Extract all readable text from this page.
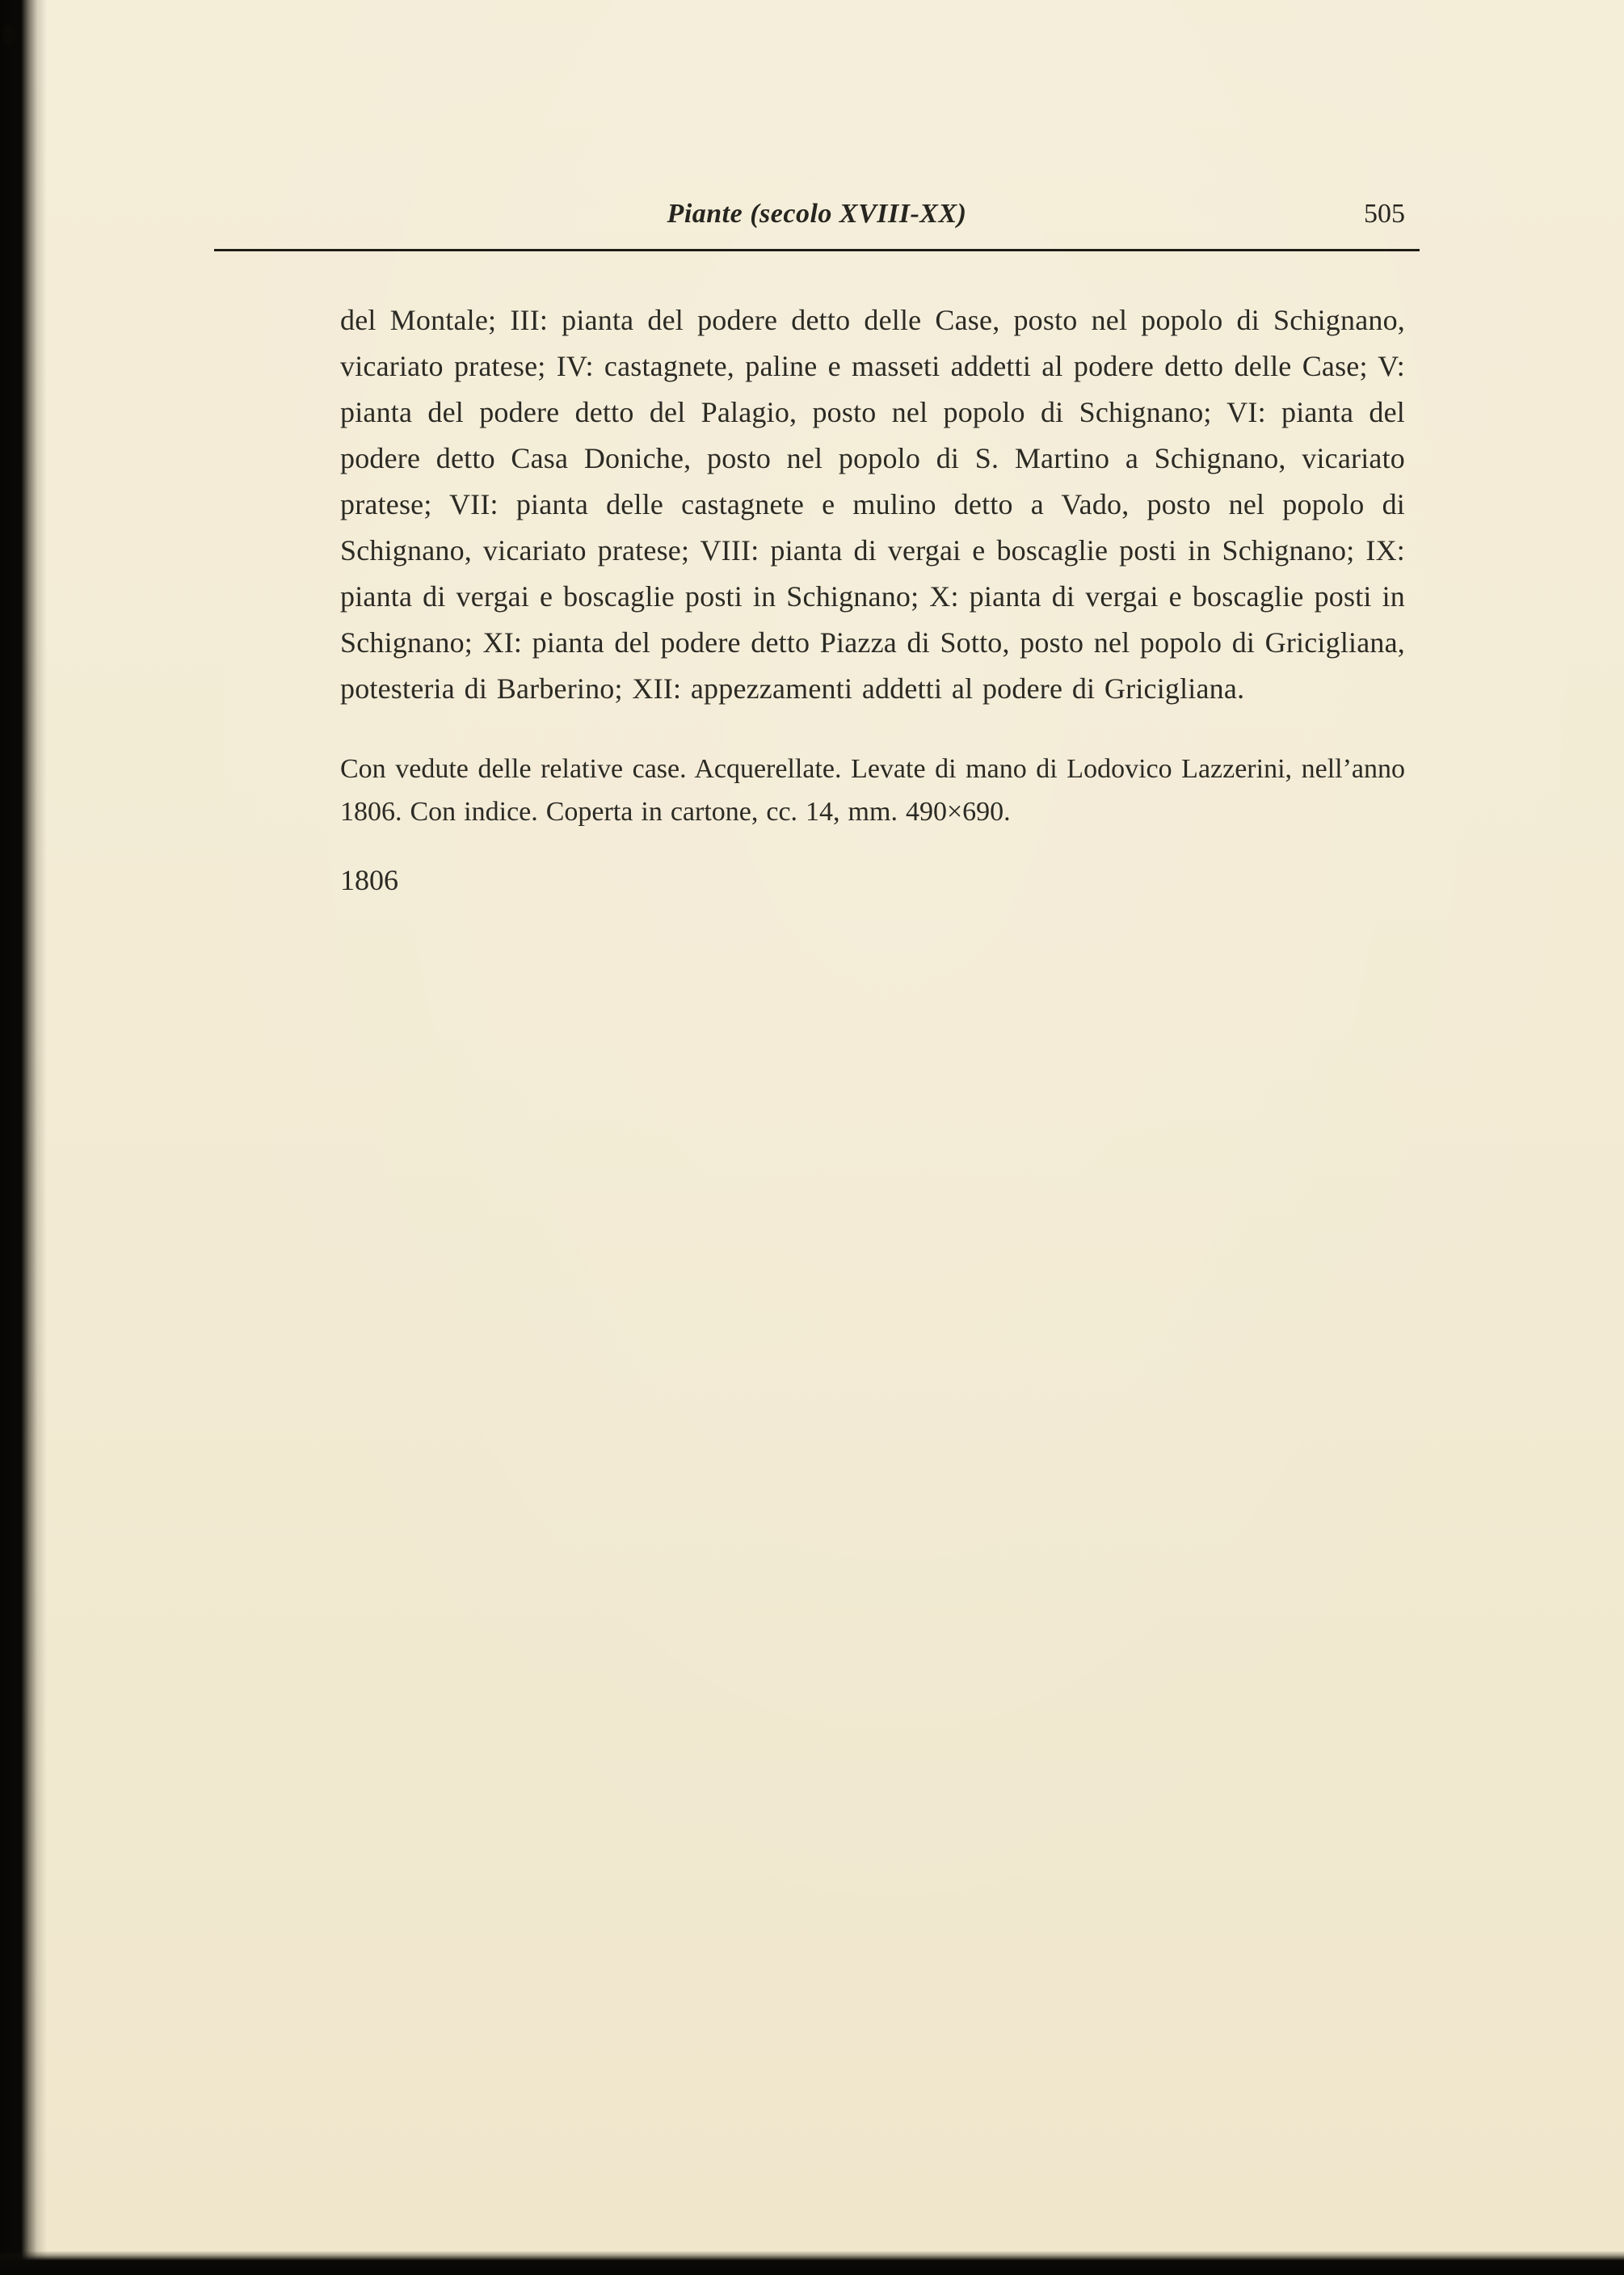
Piante (secolo XVIII-XX)	505

del Montale; III: pianta del podere detto delle Case, posto nel popolo di Schignano, vicariato pratese; IV: castagnete, paline e masseti addetti al podere detto delle Case; V: pianta del podere detto del Palagio, posto nel popolo di Schignano; VI: pianta del podere detto Casa Doniche, posto nel popolo di S. Martino a Schignano, vicariato pratese; VII: pianta delle castagnete e mulino detto a Vado, posto nel popolo di Schignano, vicariato pratese; VIII: pianta di vergai e boscaglie posti in Schignano; IX: pianta di vergai e boscaglie posti in Schignano; X: pianta di vergai e boscaglie posti in Schignano; XI: pianta del podere detto Piazza di Sotto, posto nel popolo di Gricigliana, potesteria di Barberino; XII: appezzamenti addetti al podere di Gricigliana.

Con vedute delle relative case. Acquerellate. Levate di mano di Lodovico Lazzerini, nell’anno 1806. Con indice. Coperta in cartone, cc. 14, mm. 490×690.

1806
